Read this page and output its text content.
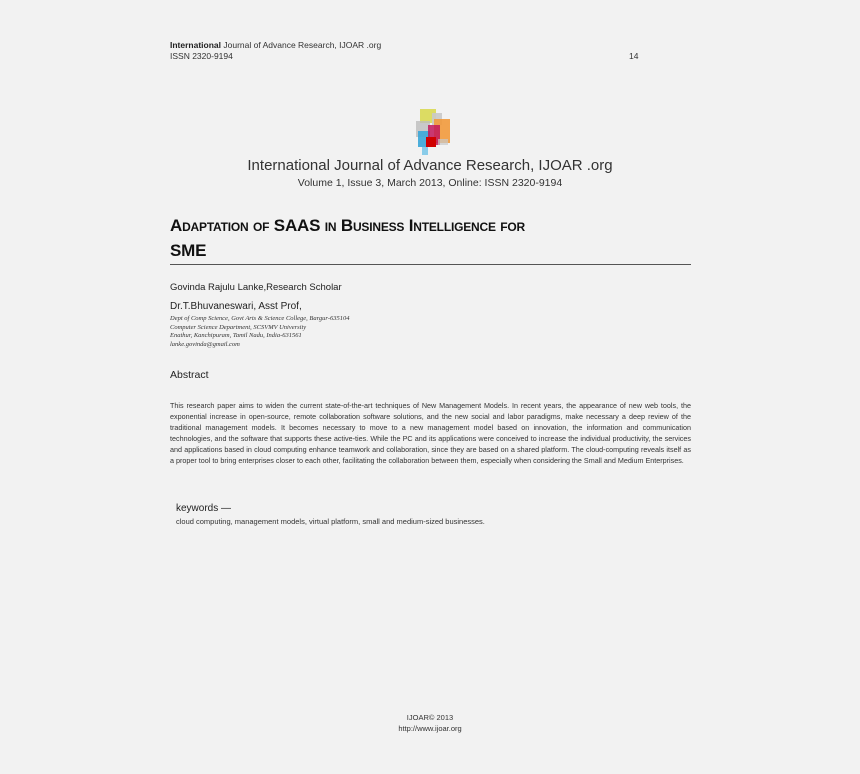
International Journal of Advance Research, IJOAR .org
ISSN 2320-9194	14
International Journal of Advance Research, IJOAR .org
Volume 1, Issue 3, March 2013, Online: ISSN 2320-9194
Adaptation of SAAS in Business Intelligence for
SME
Govinda Rajulu Lanke,Research Scholar
Dr.T.Bhuvaneswari, Asst Prof,
Dept of Comp Science, Govt Arts & Science College, Bargur-635104
Computer Science Department, SCSVMV University
Enathur, Kanchipuram, Tamil Nadu, India-631561
lanke.govinda@gmail.com
Abstract
This research paper aims to widen the current state-of-the-art techniques of New Management Models. In recent years, the appearance of new web tools, the exponential increase in open-source, remote collaboration software solutions, and the new social and labor paradigms, make necessary a deep review of the traditional management models. It becomes necessary to move to a new management model based on innovation, the information and communication technologies, and the software that supports these active-ties. While the PC and its applications were conceived to increase the individual productivity, the services and applications based in cloud computing enhance teamwork and collaboration, since they are based on a shared platform. The cloud-computing reveals itself as a proper tool to bring enterprises closer to each other, facilitating the collaboration between them, especially when considering the Small and Medium Enterprises.
keywords —
cloud computing, management models, virtual platform, small and medium-sized businesses.
IJOAR© 2013
http://www.ijoar.org
